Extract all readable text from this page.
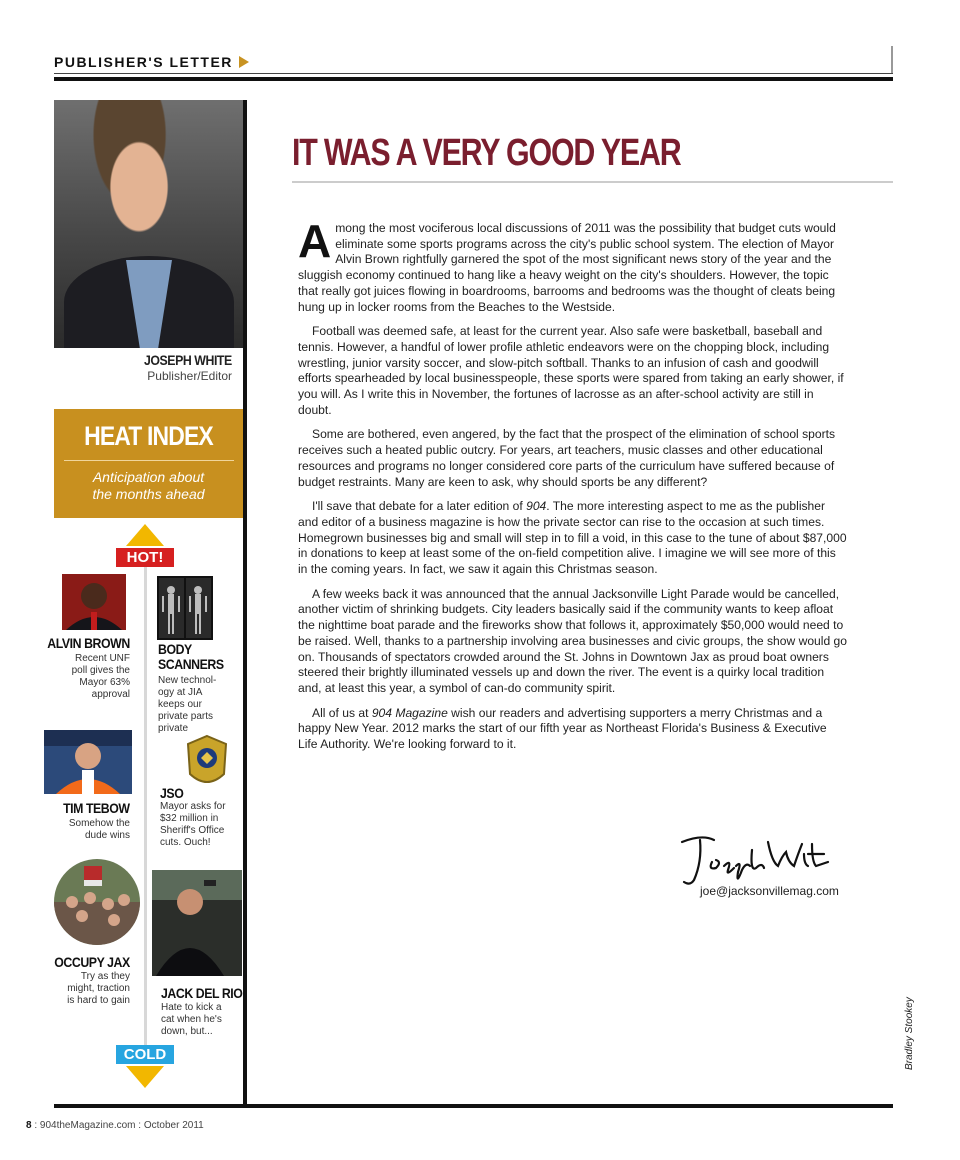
PUBLISHER'S LETTER
JOSEPH WHITE
Publisher/Editor
HEAT INDEX
Anticipation about
the months ahead
HOT!
COLD
ALVIN BROWN
Recent UNF
poll gives the
Mayor 63%
approval
BODY
SCANNERS
New technol-
ogy at JIA
keeps our
private parts
private
TIM TEBOW
Somehow the
dude wins
JSO
Mayor asks for
$32 million in
Sheriff's Office
cuts. Ouch!
OCCUPY JAX
Try as they
might, traction
is hard to gain JACK DEL RIO
Hate to kick a
cat when he's
down, but...
IT WAS A VERY GOOD YEAR

Among the most vociferous local discussions of 2011 was the possibility that budget cuts would eliminate some sports programs across the city's public school system. The election of Mayor Alvin Brown rightfully garnered the spot of the most significant news story of the year and the sluggish economy continued to hang like a heavy weight on the city's shoulders. However, the topic that really got juices flowing in boardrooms, barrooms and bedrooms was the thought of cleats being hung up in locker rooms from the Beaches to the Westside.

Football was deemed safe, at least for the current year. Also safe were basketball, baseball and tennis. However, a handful of lower profile athletic endeavors were on the chopping block, including wrestling, junior varsity soccer, and slow-pitch softball. Thanks to an infusion of cash and goodwill efforts spearheaded by local businesspeople, these sports were spared from taking an early shower, if you will. As I write this in November, the fortunes of lacrosse as an after-school activity are still in doubt.

Some are bothered, even angered, by the fact that the prospect of the elimination of school sports receives such a heated public outcry. For years, art teachers, music classes and other educational resources and programs no longer considered core parts of the curriculum have suffered because of budget restraints. Many are keen to ask, why should sports be any different?

I'll save that debate for a later edition of 904. The more interesting aspect to me as the publisher and editor of a business magazine is how the private sector can rise to the occasion at such times. Homegrown businesses big and small will step in to fill a void, in this case to the tune of about $87,000 in donations to keep at least some of the on-field competition alive. I imagine we will see more of this in the coming years. In fact, we saw it again this Christmas season.

A few weeks back it was announced that the annual Jacksonville Light Parade would be cancelled, another victim of shrinking budgets. City leaders basically said if the community wants to keep afloat the nighttime boat parade and the fireworks show that follows it, approximately $50,000 would need to be raised. Well, thanks to a partnership involving area businesses and civic groups, the show would go on. Thousands of spectators crowded around the St. Johns in Downtown Jax as proud boat owners steered their brightly illuminated vessels up and down the river. The event is a quirky local tradition and, at least this year, a symbol of can-do community spirit.

All of us at 904 Magazine wish our readers and advertising supporters a merry Christmas and a happy New Year. 2012 marks the start of our fifth year as Northeast Florida's Business & Executive Life Authority. We're looking forward to it.

joe@jacksonvillemag.com
Bradley Stookey
8 : 904theMagazine.com : October 2011
